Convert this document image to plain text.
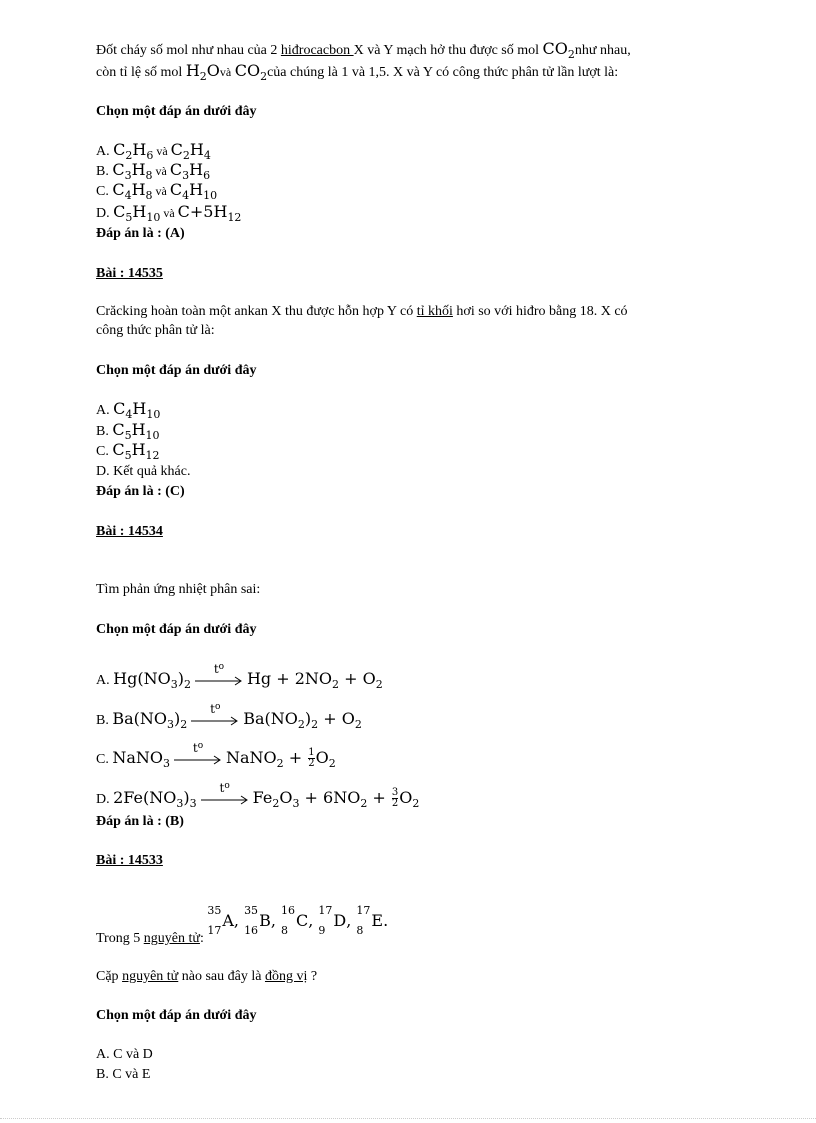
Đốt cháy số mol như nhau của 2 hiđrocacbon X và Y mạch hở thu được số mol $CO_2như$ nhau,
còn tỉ lệ số mol $H_2Ovà$ $CO_2của$ chúng là 1 và 1,5. X và Y có công thức phân tử lần lượt là:
Chọn một đáp án dưới đây
A. $C_2H_6$ và $C_2H_4$
B. $C_3H_8$ và $C_3H_6$
C. $C_4H_8$ và $C_4H_{10}$
D. $C_5H_{10}$ và $C+5H_{12}$
Đáp án là : (A)
Bài : 14535
Crăcking hoàn toàn một ankan X thu được hỗn hợp Y có tỉ khối hơi so với hiđro bằng 18. X có
công thức phân tử là:
Chọn một đáp án dưới đây
A. $C_4H_{10}$
B. $C_5H_{10}$
C. $C_5H_{12}$
D. Kết quả khác.
Đáp án là : (C)
Bài : 14534
Tìm phản ứng nhiệt phân sai:
Chọn một đáp án dưới đây
A. $Hg(NO_3)_2$
$t^o$
$Hg + 2NO_2 + O_2$
B. $Ba(NO_3)_2$
$t^o$
$Ba(NO_2)_2 + O_2$
C. NaNO$_3$
$t^o$
NaNO$_2$ + $\frac{1}{2} O_2$
D. $2Fe(NO_3)_3$
$t^o$
$Fe_2O_3 + 6NO_2 + \frac{3}{2} O_2$
Đáp án là : (B)
Bài : 14533
Trong 5 nguyên tử:
35
17
A,
35
16
B,
16
8
C,
17
9
D,
17
8
E.
Cặp nguyên tử nào sau đây là đồng vị ?
Chọn một đáp án dưới đây
A. C và D
B. C và E
